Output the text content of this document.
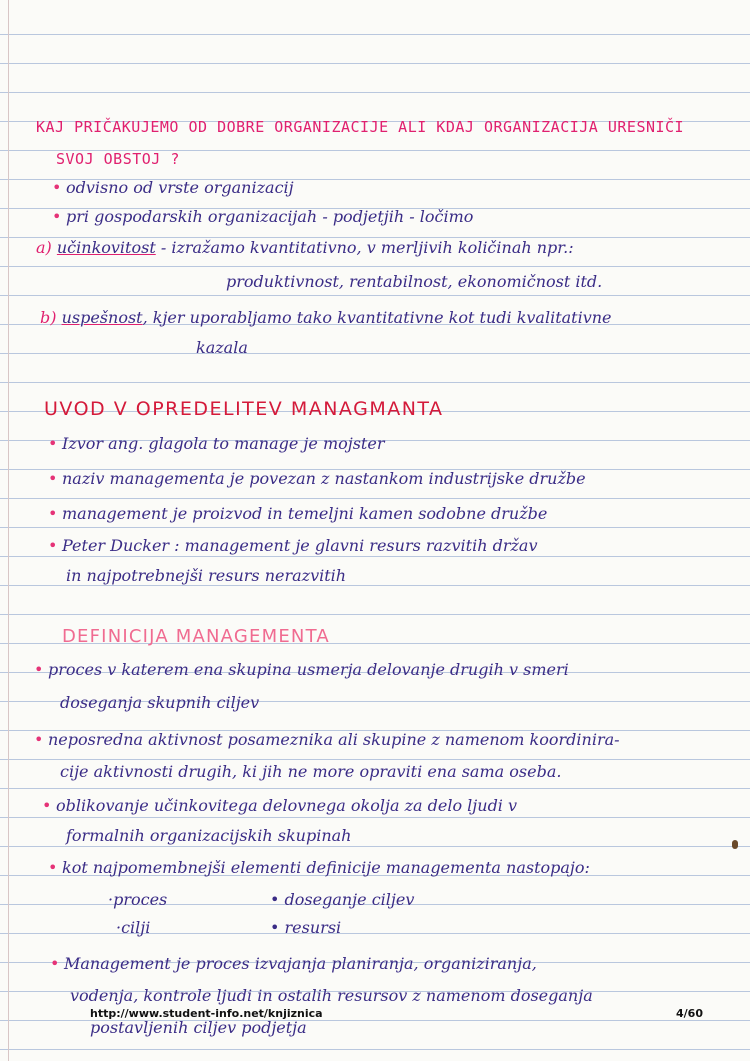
KAJ PRIČAKUJEMO OD DOBRE ORGANIZACIJE ALI KDAJ ORGANIZACIJA URESNIČI
SVOJ OBSTOJ ?
• odvisno od vrste organizacij
• pri gospodarskih organizacijah - podjetjih - ločimo
a) učinkovitost - izražamo kvantitativno, v merljivih količinah npr.:
produktivnost, rentabilnost, ekonomičnost itd.
b) uspešnost, kjer uporabljamo tako kvantitativne kot tudi kvalitativne
kazala
UVOD V OPREDELITEV MANAGMANTA
• Izvor ang. glagola to manage je mojster
• naziv managementa je povezan z nastankom industrijske družbe
• management je proizvod in temeljni kamen sodobne družbe
• Peter Ducker : management je glavni resurs razvitih držav
in najpotrebnejši resurs nerazvitih
DEFINICIJA MANAGEMENTA
• proces v katerem ena skupina usmerja delovanje drugih v smeri
doseganja skupnih ciljev
• neposredna aktivnost posameznika ali skupine z namenom koordinira-
cije aktivnosti drugih, ki jih ne more opraviti ena sama oseba.
• oblikovanje učinkovitega delovnega okolja za delo ljudi v
formalnih organizacijskih skupinah
• kot najpomembnejši elementi definicije managementa nastopajo:
·proces	• doseganje ciljev
·cilji	• resursi
• Management je proces izvajanja planiranja, organiziranja,
vodenja, kontrole ljudi in ostalih resursov z namenom doseganja
postavljenih ciljev podjetja
http://www.student-info.net/knjiznica	4/60
